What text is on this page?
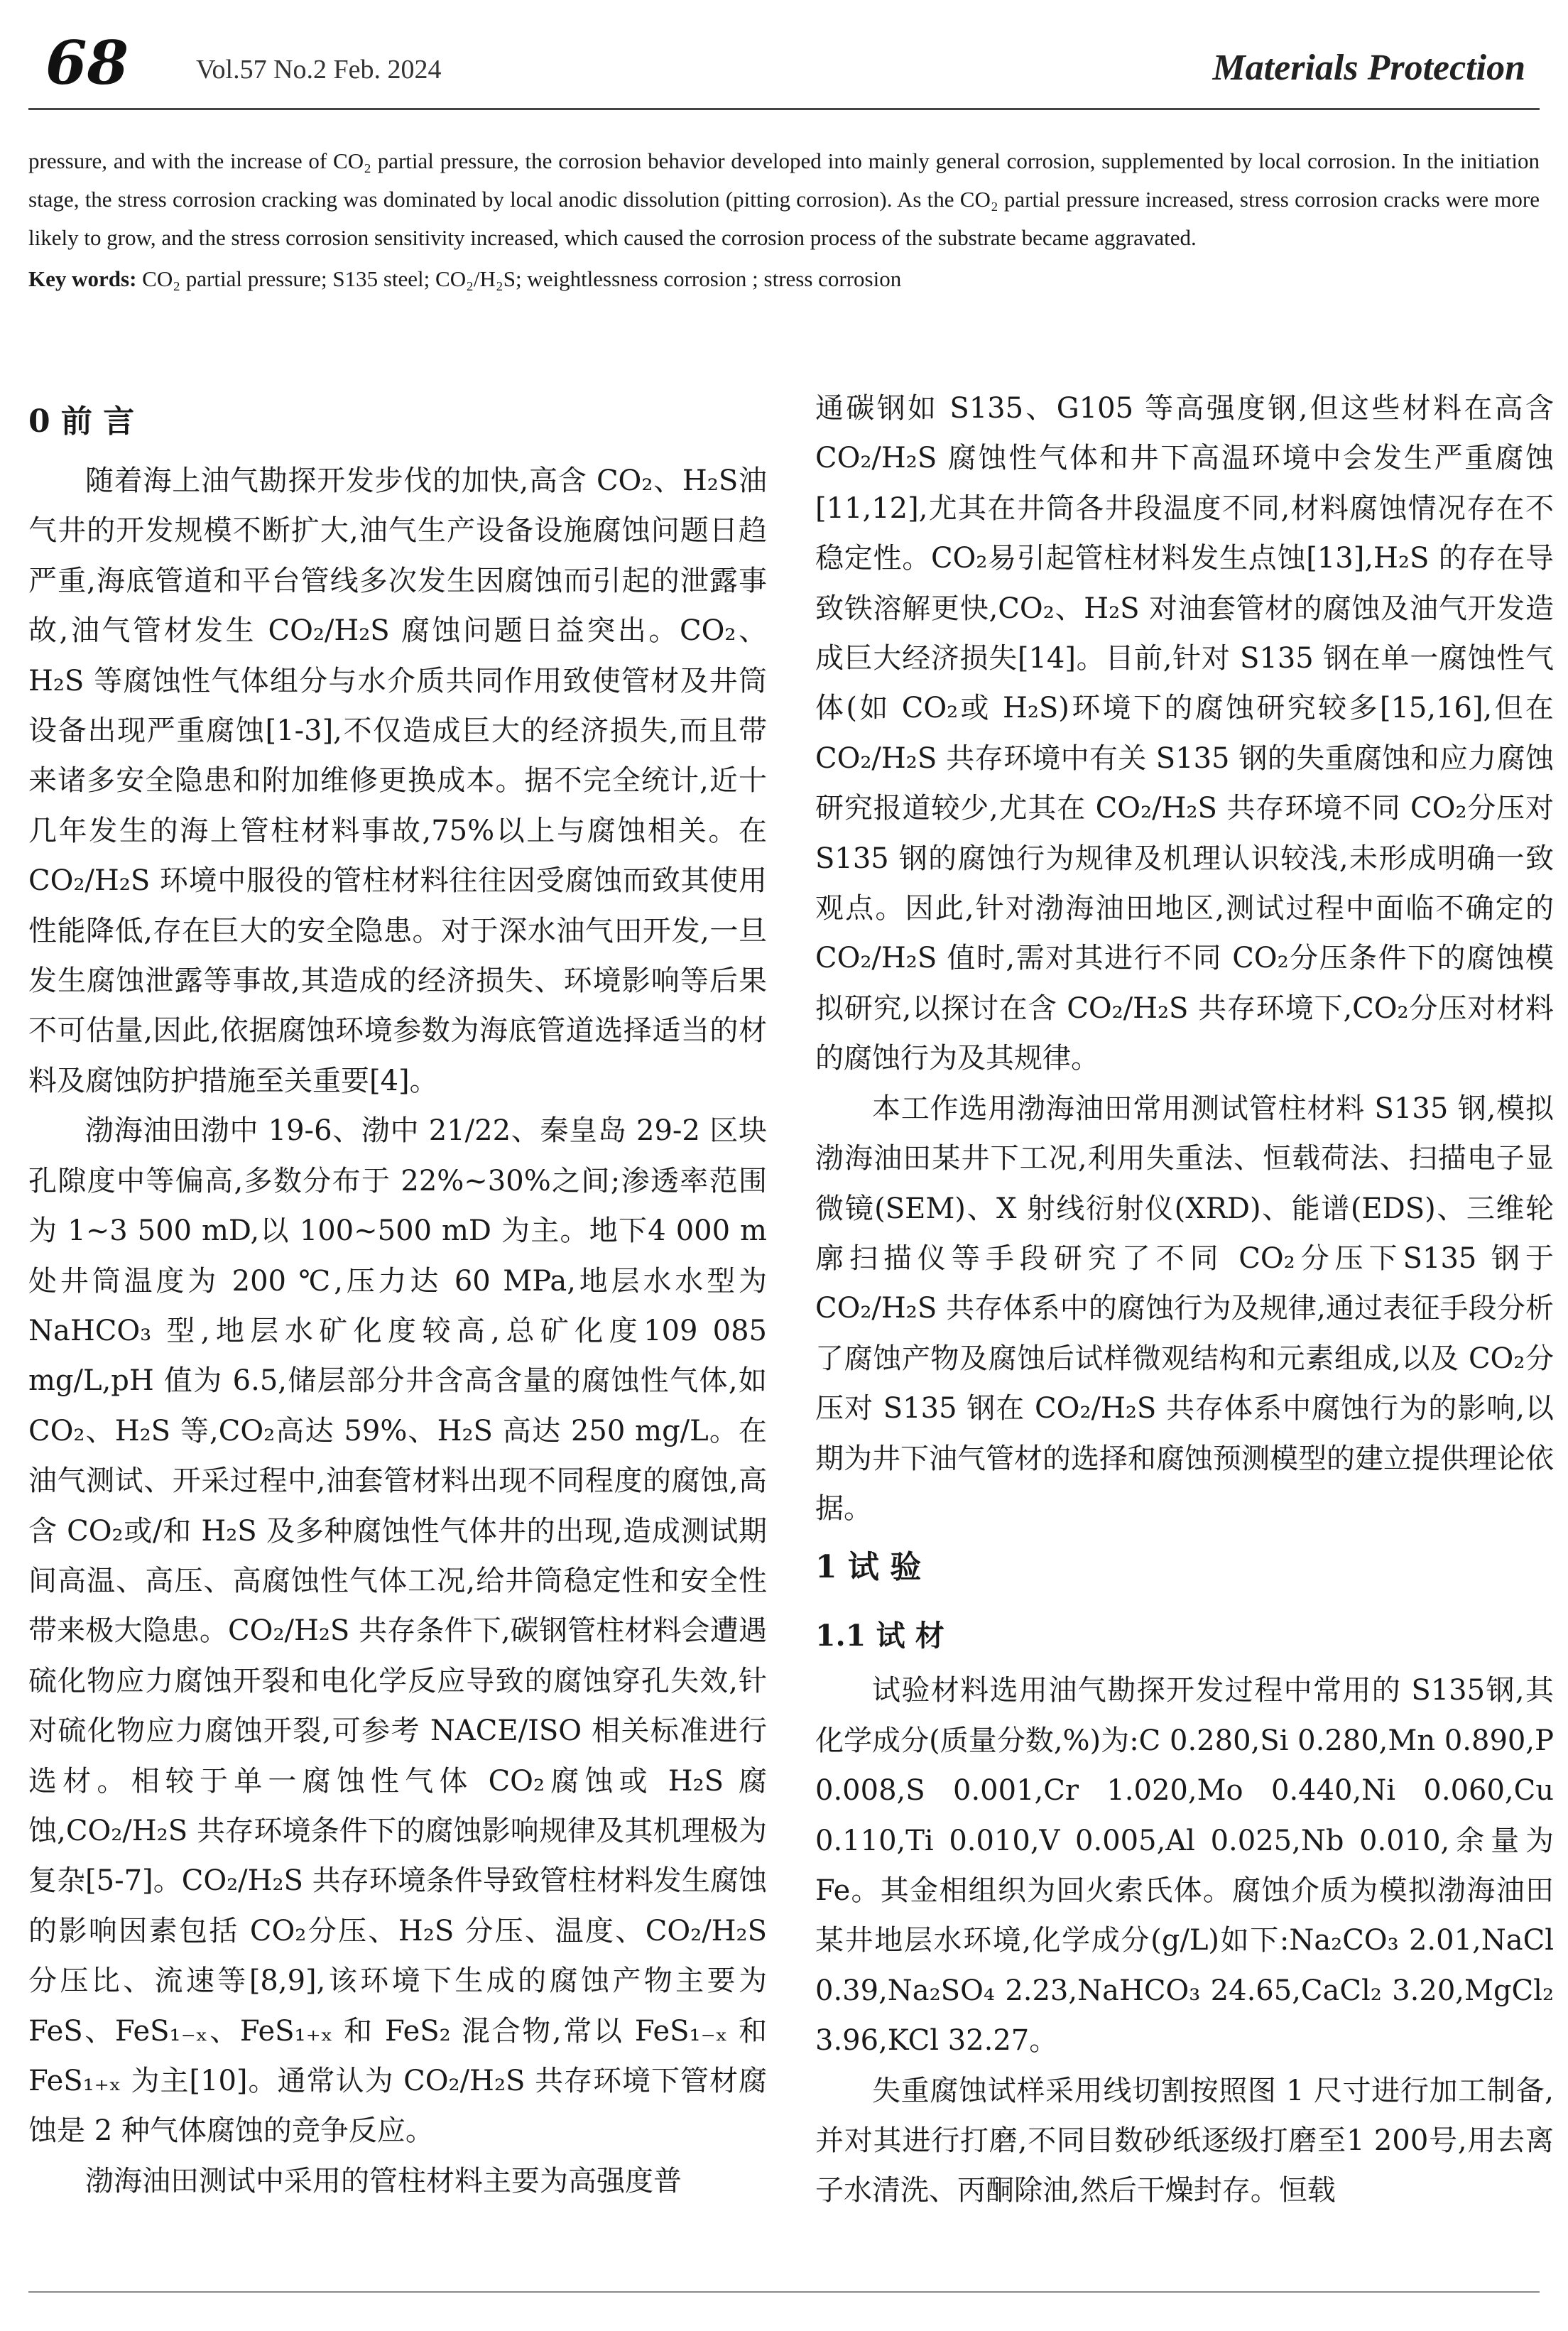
68	Vol.57 No.2 Feb. 2024	Materials Protection

pressure, and with the increase of CO₂ partial pressure, the corrosion behavior developed into mainly general corrosion, supplemented by local corrosion. In the initiation stage, the stress corrosion cracking was dominated by local anodic dissolution (pitting corrosion). As the CO₂ partial pressure increased, stress corrosion cracks were more likely to grow, and the stress corrosion sensitivity increased, which caused the corrosion process of the substrate became aggravated.

Key words: CO₂ partial pressure; S135 steel; CO₂/H₂S; weightlessness corrosion ; stress corrosion
0 前 言

随着海上油气勘探开发步伐的加快,高含 CO₂、H₂S油气井的开发规模不断扩大,油气生产设备设施腐蚀问题日趋严重,海底管道和平台管线多次发生因腐蚀而引起的泄露事故,油气管材发生 CO₂/H₂S 腐蚀问题日益突出。CO₂、H₂S 等腐蚀性气体组分与水介质共同作用致使管材及井筒设备出现严重腐蚀[1-3],不仅造成巨大的经济损失,而且带来诸多安全隐患和附加维修更换成本。据不完全统计,近十几年发生的海上管柱材料事故,75%以上与腐蚀相关。在 CO₂/H₂S 环境中服役的管柱材料往往因受腐蚀而致其使用性能降低,存在巨大的安全隐患。对于深水油气田开发,一旦发生腐蚀泄露等事故,其造成的经济损失、环境影响等后果不可估量,因此,依据腐蚀环境参数为海底管道选择适当的材料及腐蚀防护措施至关重要[4]。

渤海油田渤中 19-6、渤中 21/22、秦皇岛 29-2 区块孔隙度中等偏高,多数分布于 22%~30%之间;渗透率范围为 1~3 500 mD,以 100~500 mD 为主。地下4 000 m 处井筒温度为 200 ℃,压力达 60 MPa,地层水水型为 NaHCO₃ 型,地层水矿化度较高,总矿化度109 085 mg/L,pH 值为 6.5,储层部分井含高含量的腐蚀性气体,如 CO₂、H₂S 等,CO₂高达 59%、H₂S 高达 250 mg/L。在油气测试、开采过程中,油套管材料出现不同程度的腐蚀,高含 CO₂或/和 H₂S 及多种腐蚀性气体井的出现,造成测试期间高温、高压、高腐蚀性气体工况,给井筒稳定性和安全性带来极大隐患。CO₂/H₂S 共存条件下,碳钢管柱材料会遭遇硫化物应力腐蚀开裂和电化学反应导致的腐蚀穿孔失效,针对硫化物应力腐蚀开裂,可参考 NACE/ISO 相关标准进行选材。相较于单一腐蚀性气体 CO₂腐蚀或 H₂S 腐蚀,CO₂/H₂S 共存环境条件下的腐蚀影响规律及其机理极为复杂[5-7]。CO₂/H₂S 共存环境条件导致管柱材料发生腐蚀的影响因素包括 CO₂分压、H₂S 分压、温度、CO₂/H₂S 分压比、流速等[8,9],该环境下生成的腐蚀产物主要为 FeS、FeS₁₋ₓ、FeS₁₊ₓ 和 FeS₂ 混合物,常以 FeS₁₋ₓ 和 FeS₁₊ₓ 为主[10]。通常认为 CO₂/H₂S 共存环境下管材腐蚀是 2 种气体腐蚀的竞争反应。

渤海油田测试中采用的管柱材料主要为高强度普

通碳钢如 S135、G105 等高强度钢,但这些材料在高含CO₂/H₂S 腐蚀性气体和井下高温环境中会发生严重腐蚀[11,12],尤其在井筒各井段温度不同,材料腐蚀情况存在不稳定性。CO₂易引起管柱材料发生点蚀[13],H₂S 的存在导致铁溶解更快,CO₂、H₂S 对油套管材的腐蚀及油气开发造成巨大经济损失[14]。目前,针对 S135 钢在单一腐蚀性气体(如 CO₂或 H₂S)环境下的腐蚀研究较多[15,16],但在 CO₂/H₂S 共存环境中有关 S135 钢的失重腐蚀和应力腐蚀研究报道较少,尤其在 CO₂/H₂S 共存环境不同 CO₂分压对 S135 钢的腐蚀行为规律及机理认识较浅,未形成明确一致观点。因此,针对渤海油田地区,测试过程中面临不确定的 CO₂/H₂S 值时,需对其进行不同 CO₂分压条件下的腐蚀模拟研究,以探讨在含 CO₂/H₂S 共存环境下,CO₂分压对材料的腐蚀行为及其规律。

本工作选用渤海油田常用测试管柱材料 S135 钢,模拟渤海油田某井下工况,利用失重法、恒载荷法、扫描电子显微镜(SEM)、X 射线衍射仪(XRD)、能谱(EDS)、三维轮廓扫描仪等手段研究了不同 CO₂分压下S135 钢于 CO₂/H₂S 共存体系中的腐蚀行为及规律,通过表征手段分析了腐蚀产物及腐蚀后试样微观结构和元素组成,以及 CO₂分压对 S135 钢在 CO₂/H₂S 共存体系中腐蚀行为的影响,以期为井下油气管材的选择和腐蚀预测模型的建立提供理论依据。

1 试 验
1.1 试 材

试验材料选用油气勘探开发过程中常用的 S135钢,其化学成分(质量分数,%)为:C 0.280,Si 0.280,Mn 0.890,P 0.008,S 0.001,Cr 1.020,Mo 0.440,Ni 0.060,Cu 0.110,Ti 0.010,V 0.005,Al 0.025,Nb 0.010,余量为 Fe。其金相组织为回火索氏体。腐蚀介质为模拟渤海油田某井地层水环境,化学成分(g/L)如下:Na₂CO₃ 2.01,NaCl 0.39,Na₂SO₄ 2.23,NaHCO₃ 24.65,CaCl₂ 3.20,MgCl₂ 3.96,KCl 32.27。

失重腐蚀试样采用线切割按照图 1 尺寸进行加工制备,并对其进行打磨,不同目数砂纸逐级打磨至1 200号,用去离子水清洗、丙酮除油,然后干燥封存。恒载
